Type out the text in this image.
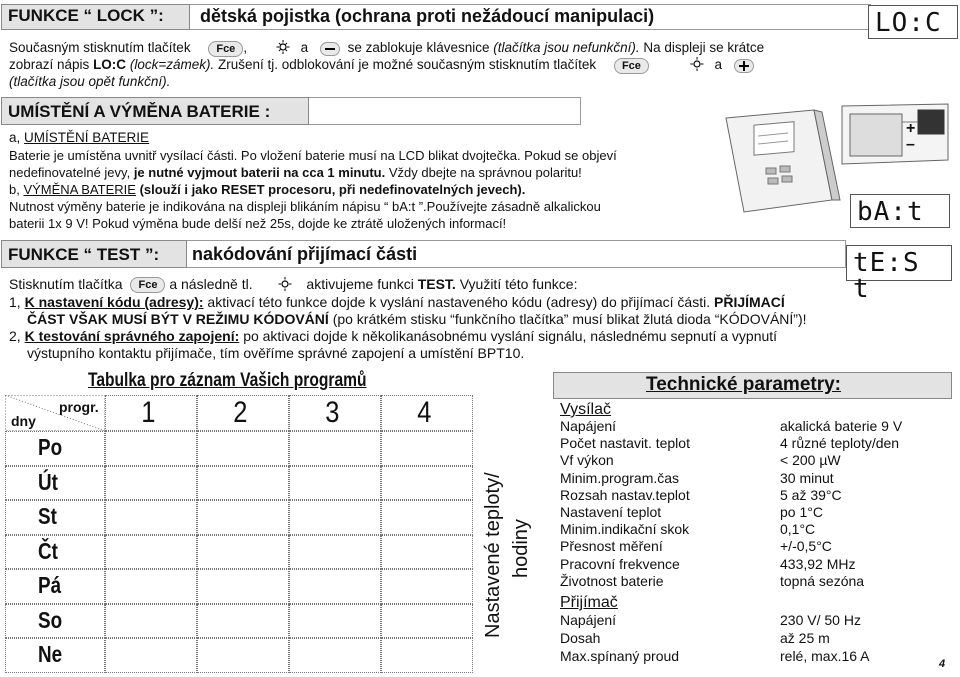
FUNKCE “ LOCK ”:	dětská pojistka (ochrana proti nežádoucí manipulaci)
Současným stisknutím tlačítek Fce ,	a	se zablokuje klávesnice (tlačítka jsou nefunkční). Na displeji se krátce
zobrazí nápis LO:C (lock=zámek). Zrušení tj. odblokování je možné současným stisknutím tlačítek Fce	a
(tlačítka jsou opět funkční).
LO:C
UMÍSTĚNÍ A VÝMĚNA BATERIE :
a, UMÍSTĚNÍ BATERIE
Baterie je umístěna uvnitř vysílací části. Po vložení baterie musí na LCD blikat dvojtečka. Pokud se objeví
nedefinovatelné jevy, je nutné vyjmout baterii na cca 1 minutu. Vždy dbejte na správnou polaritu!
b, VÝMĚNA BATERIE (slouží i jako RESET procesoru, při nedefinovatelných jevech).
Nutnost výměny baterie je indikována na displeji blikáním nápisu “ bA:t ”.Používejte zásadně alkalickou
baterii 1x 9 V! Pokud výměna bude delší než 25s, dojde ke ztrátě uložených informací!
+
–
bA:t
FUNKCE “ TEST ”:	nakódování přijímací části	tE:S t
Stisknutím tlačítka Fce a následně tl.	aktivujeme funkci TEST. Využití této funkce:
1, K nastavení kódu (adresy): aktivací této funkce dojde k vyslání nastaveného kódu (adresy) do přijímací části. PŘIJÍMACÍ
ČÁST VŠAK MUSÍ BÝT V REŽIMU KÓDOVÁNÍ (po krátkém stisku “funkčního tlačítka” musí blikat žlutá dioda “KÓDOVÁNÍ”)!
2, K testování správného zapojení: po aktivaci dojde k několikanásobnému vyslání signálu, následnému sepnutí a vypnutí
výstupního kontaktu přijímače, tím ověříme správné zapojení a umístění BPT10.
Tabulka pro záznam Vašich programů
progr.
dny	1	2	3	4
Po
Út
St
Čt
Pá
So
Ne
Nastavené teploty/ hodiny
Technické parametry:
Vysílač
Napájení	akalická baterie 9 V
Počet nastavit. teplot	4 různé teploty/den
Vf výkon	< 200 µW
Minim.program.čas	30 minut
Rozsah nastav.teplot	5 až 39°C
Nastavení teplot	po 1°C
Minim.indikační skok	0,1°C
Přesnost měření	+/-0,5°C
Pracovní frekvence	433,92 MHz
Životnost baterie	topná sezóna
Přijímač
Napájení	230 V/ 50 Hz
Dosah	až 25 m
Max.spínaný proud	relé, max.16 A	4
